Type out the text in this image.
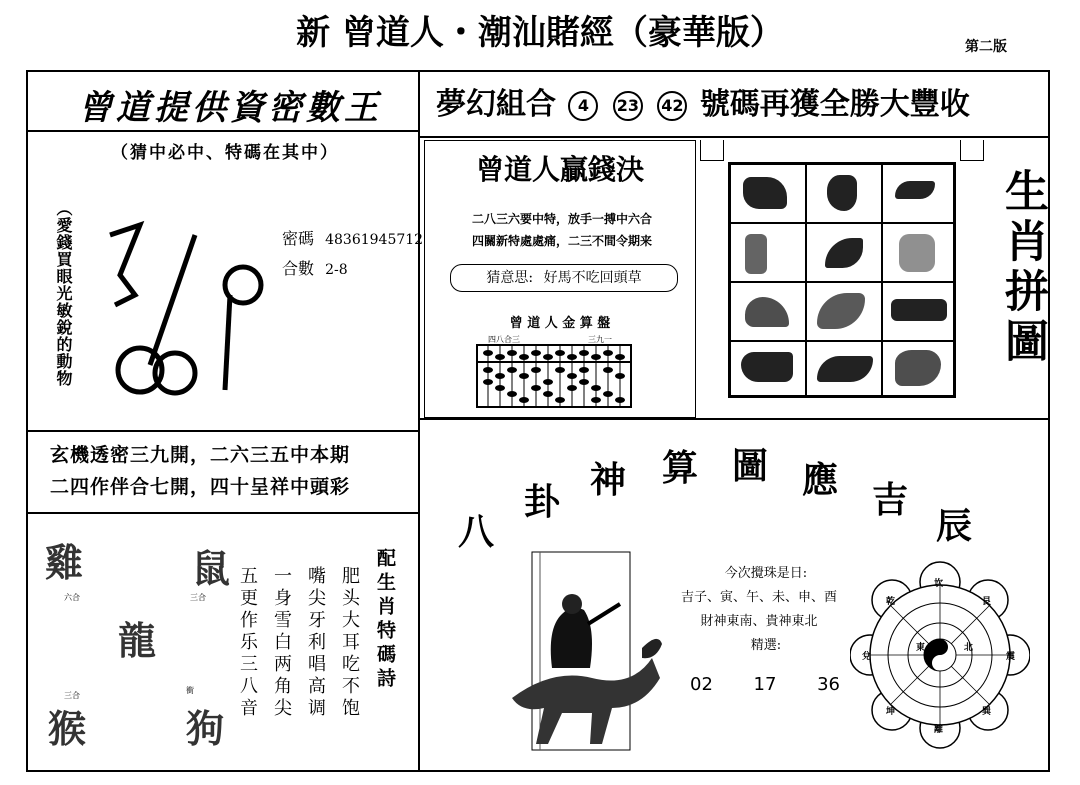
新 曾道人・潮汕賭經（豪華版）	第二版
曾道提供資密數王
（猜中必中、特碼在其中）
（愛錢買眼光敏銳的動物	密碼 48361945712
合數 2-8
玄機透密三九開，二六三五中本期
二四作伴合七開，四十呈祥中頭彩
雞	鼠
龍
猴	狗
六合	三合
三合
衝	配生肖特碼詩
肥头大耳吃不饱
嘴尖牙利唱高调
一身雪白两角尖
五更作乐三八音
夢幻組合 4 23 42 號碼再獲全勝大豐收
曾道人贏錢決
二八三六要中特，放手一搏中六合
四關新特處處痛，二三不間令期来
猜意思: 好馬不吃回頭草
曾 道 人 金 算 盤
四八合三	三九一	生肖拼圖
八
卦
神 算 圖 應 吉
辰
今次攪珠是日:
吉子、寅、午、未、申、酉
財神東南、貴神東北
精選:
02 17 36
坎
艮
震
巽
離
坤
兌
乾
北
東
